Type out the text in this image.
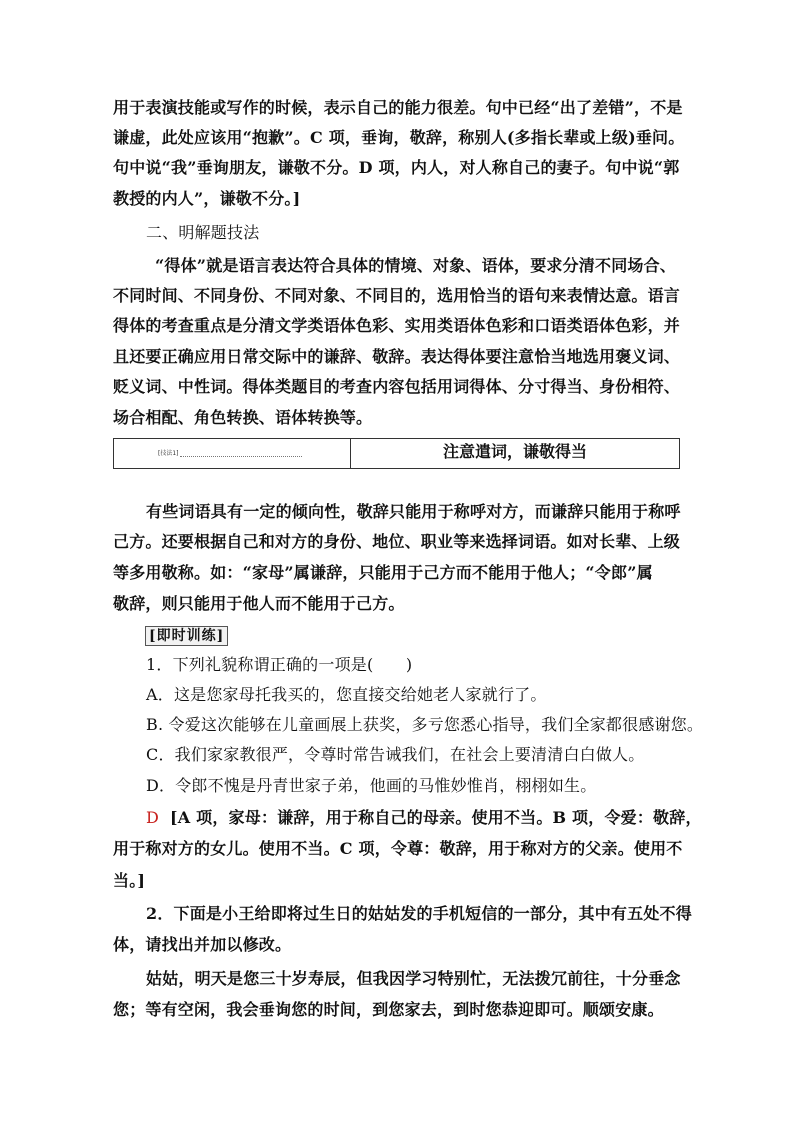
用于表演技能或写作的时候，表示自己的能力很差。句中已经“出了差错”，不是
谦虚，此处应该用“抱歉”。C 项，垂询，敬辞，称别人(多指长辈或上级)垂问。
句中说“我”垂询朋友，谦敬不分。D 项，内人，对人称自己的妻子。句中说“郭
教授的内人”，谦敬不分。]
二、明解题技法
“得体”就是语言表达符合具体的情境、对象、语体，要求分清不同场合、
不同时间、不同身份、不同对象、不同目的，选用恰当的语句来表情达意。语言
得体的考查重点是分清文学类语体色彩、实用类语体色彩和口语类语体色彩，并
且还要正确应用日常交际中的谦辞、敬辞。表达得体要注意恰当地选用褒义词、
贬义词、中性词。得体类题目的考查内容包括用词得体、分寸得当、身份相符、
场合相配、角色转换、语体转换等。
[技法1]	注意遣词，谦敬得当
有些词语具有一定的倾向性，敬辞只能用于称呼对方，而谦辞只能用于称呼
己方。还要根据自己和对方的身份、地位、职业等来选择词语。如对长辈、上级
等多用敬称。如：“家母”属谦辞，只能用于己方而不能用于他人；“令郎”属
敬辞，则只能用于他人而不能用于己方。
[即时训练]
1．下列礼貌称谓正确的一项是(　　)
A．这是您家母托我买的，您直接交给她老人家就行了。
B. 令爱这次能够在儿童画展上获奖，多亏您悉心指导，我们全家都很感谢您。
C．我们家家教很严，令尊时常告诫我们，在社会上要清清白白做人。
D．令郎不愧是丹青世家子弟，他画的马惟妙惟肖，栩栩如生。
D [A 项，家母：谦辞，用于称自己的母亲。使用不当。B 项，令爱：敬辞，
用于称对方的女儿。使用不当。C 项，令尊：敬辞，用于称对方的父亲。使用不
当。]
2．下面是小王给即将过生日的姑姑发的手机短信的一部分，其中有五处不得
体，请找出并加以修改。
姑姑，明天是您三十岁寿辰，但我因学习特别忙，无法拨冗前往，十分垂念
您；等有空闲，我会垂询您的时间，到您家去，到时您恭迎即可。顺颂安康。
